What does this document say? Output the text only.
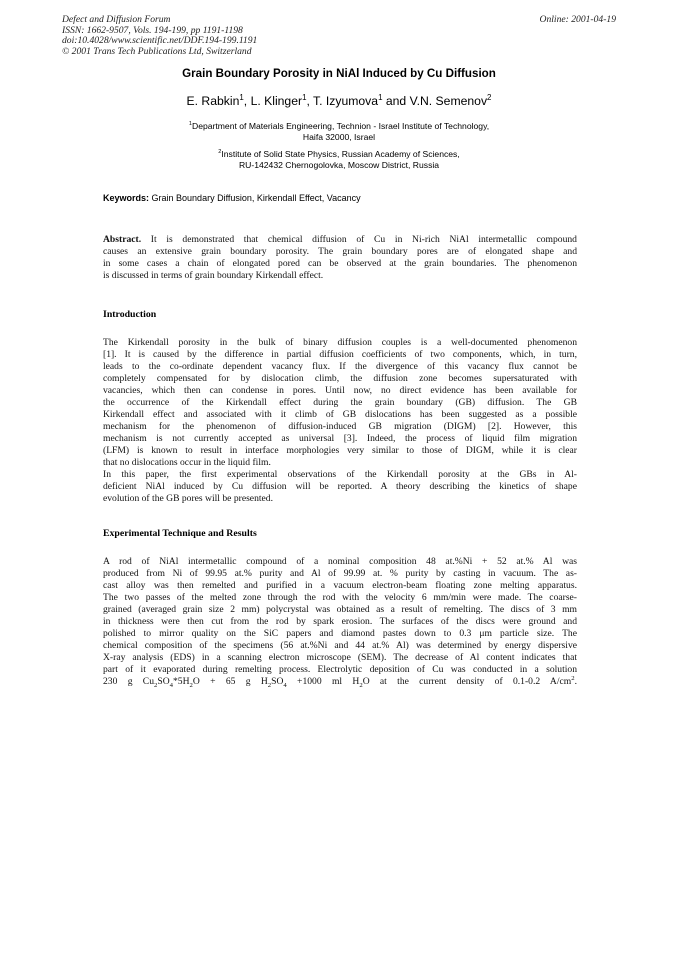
Defect and Diffusion Forum
ISSN: 1662-9507, Vols. 194-199, pp 1191-1198
doi:10.4028/www.scientific.net/DDF.194-199.1191
© 2001 Trans Tech Publications Ltd, Switzerland
Online: 2001-04-19
Grain Boundary Porosity in NiAl Induced by Cu Diffusion
E. Rabkin$^1$, L. Klinger$^1$, T. Izyumova$^1$ and V.N. Semenov$^2$
$^1$Department of Materials Engineering, Technion - Israel Institute of Technology,
Haifa 32000, Israel
$^2$Institute of Solid State Physics, Russian Academy of Sciences,
RU-142432 Chernogolovka, Moscow District, Russia
Keywords: Grain Boundary Diffusion, Kirkendall Effect, Vacancy
Abstract. It is demonstrated that chemical diffusion of Cu in Ni-rich NiAl intermetallic compound
causes an extensive grain boundary porosity. The grain boundary pores are of elongated shape and
in some cases a chain of elongated pored can be observed at the grain boundaries. The phenomenon
is discussed in terms of grain boundary Kirkendall effect.
Introduction
The Kirkendall porosity in the bulk of binary diffusion couples is a well-documented phenomenon
[1]. It is caused by the difference in partial diffusion coefficients of two components, which, in turn,
leads to the co-ordinate dependent vacancy flux. If the divergence of this vacancy flux cannot be
completely compensated for by dislocation climb, the diffusion zone becomes supersaturated with
vacancies, which then can condense in pores. Until now, no direct evidence has been available for
the occurrence of the Kirkendall effect during the grain boundary (GB) diffusion. The GB
Kirkendall effect and associated with it climb of GB dislocations has been suggested as a possible
mechanism for the phenomenon of diffusion-induced GB migration (DIGM) [2]. However, this
mechanism is not currently accepted as universal [3]. Indeed, the process of liquid film migration
(LFM) is known to result in interface morphologies very similar to those of DIGM, while it is clear
that no dislocations occur in the liquid film.
In this paper, the first experimental observations of the Kirkendall porosity at the GBs in Al-
deficient NiAl induced by Cu diffusion will be reported. A theory describing the kinetics of shape
evolution of the GB pores will be presented.
Experimental Technique and Results
A rod of NiAl intermetallic compound of a nominal composition 48 at.%Ni + 52 at.% Al was
produced from Ni of 99.95 at.% purity and Al of 99.99 at. % purity by casting in vacuum. The as-
cast alloy was then remelted and purified in a vacuum electron-beam floating zone melting apparatus.
The two passes of the melted zone through the rod with the velocity 6 mm/min were made. The coarse-
grained (averaged grain size 2 mm) polycrystal was obtained as a result of remelting. The discs of 3 mm
in thickness were then cut from the rod by spark erosion. The surfaces of the discs were ground and
polished to mirror quality on the SiC papers and diamond pastes down to 0.3 μm particle size. The
chemical composition of the specimens (56 at.%Ni and 44 at.% Al) was determined by energy dispersive
X-ray analysis (EDS) in a scanning electron microscope (SEM). The decrease of Al content indicates that
part of it evaporated during remelting process. Electrolytic deposition of Cu was conducted in a solution
230 g $Cu_2SO_4*5H_2O + 65$ g $H_2SO_4 +1000$ ml $H_2O$ at the current density of 0.1-0.2 $A/cm^2$.
